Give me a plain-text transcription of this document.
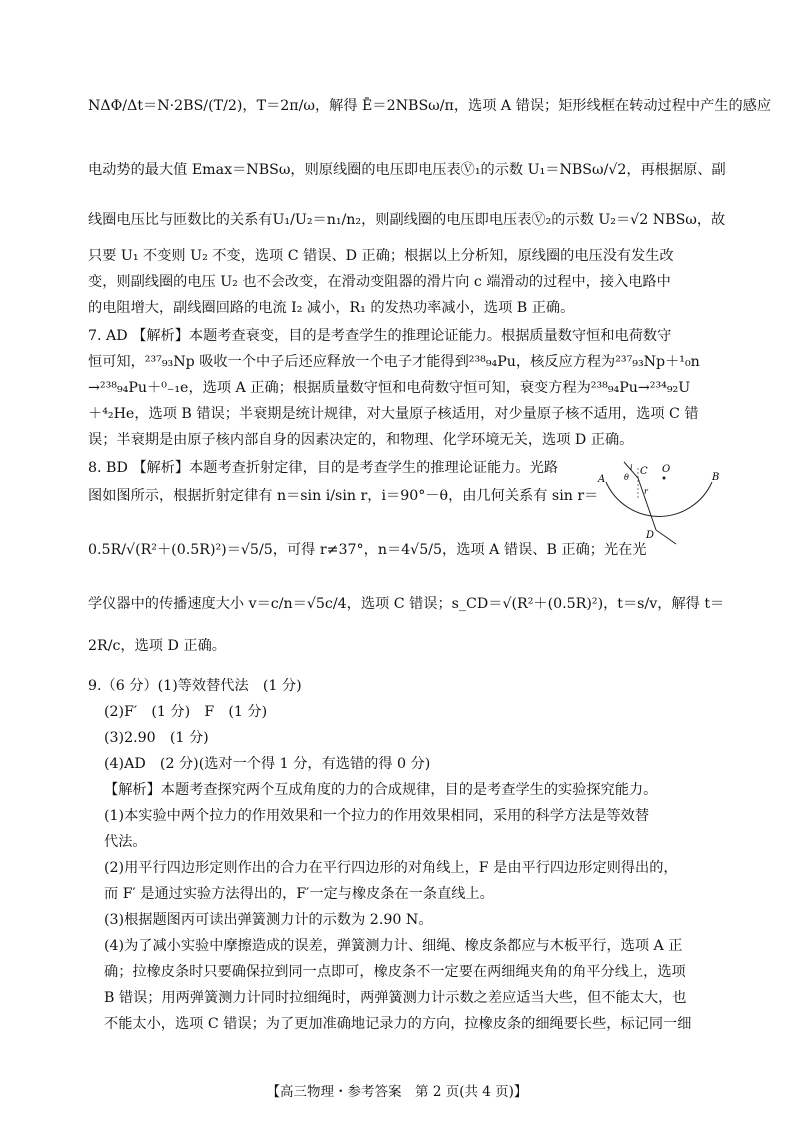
NΔΦ/Δt＝N·2BS/(T/2)，T＝2π/ω，解得 Ē＝2NBSω/π，选项 A 错误；矩形线框在转动过程中产生的感应
电动势的最大值 Emax＝NBSω，则原线圈的电压即电压表Ⓥ₁的示数 U₁＝NBSω/√2，再根据原、副
线圈电压比与匝数比的关系有U₁/U₂＝n₁/n₂，则副线圈的电压即电压表Ⓥ₂的示数 U₂＝√2 NBSω，故
只要 U₁ 不变则 U₂ 不变，选项 C 错误、D 正确；根据以上分析知，原线圈的电压没有发生改
变，则副线圈的电压 U₂ 也不会改变，在滑动变阻器的滑片向 c 端滑动的过程中，接入电路中
的电阻增大，副线圈回路的电流 I₂ 减小，R₁ 的发热功率减小，选项 B 正确。
7. AD 【解析】本题考查衰变，目的是考查学生的推理论证能力。根据质量数守恒和电荷数守
恒可知，²³⁷₉₃Np 吸收一个中子后还应释放一个电子才能得到²³⁸₉₄Pu，核反应方程为²³⁷₉₃Np＋¹₀n
→²³⁸₉₄Pu＋⁰₋₁e，选项 A 正确；根据质量数守恒和电荷数守恒可知，衰变方程为²³⁸₉₄Pu→²³⁴₉₂U
＋⁴₂He，选项 B 错误；半衰期是统计规律，对大量原子核适用，对少量原子核不适用，选项 C 错
误；半衰期是由原子核内部自身的因素决定的，和物理、化学环境无关，选项 D 正确。
8. BD 【解析】本题考查折射定律，目的是考查学生的推理论证能力。光路
图如图所示，根据折射定律有 n＝sin i/sin r，i＝90°－θ，由几何关系有 sin r＝
0.5R/√(R²＋(0.5R)²)＝√5/5，可得 r≠37°，n＝4√5/5，选项 A 错误、B 正确；光在光
学仪器中的传播速度大小 v＝c/n＝√5c/4，选项 C 错误；s_CD＝√(R²＋(0.5R)²)，t＝s/v，解得 t＝
2R/c，选项 D 正确。
9.（6 分）(1)等效替代法　(1 分)
(2)F′　(1 分)　F　(1 分)
(3)2.90　(1 分)
(4)AD　(2 分)(选对一个得 1 分，有选错的得 0 分)
【解析】本题考查探究两个互成角度的力的合成规律，目的是考查学生的实验探究能力。
(1)本实验中两个拉力的作用效果和一个拉力的作用效果相同，采用的科学方法是等效替
代法。
(2)用平行四边形定则作出的合力在平行四边形的对角线上，F 是由平行四边形定则得出的，
而 F′ 是通过实验方法得出的，F′一定与橡皮条在一条直线上。
(3)根据题图丙可读出弹簧测力计的示数为 2.90 N。
(4)为了减小实验中摩擦造成的误差，弹簧测力计、细绳、橡皮条都应与木板平行，选项 A 正
确；拉橡皮条时只要确保拉到同一点即可，橡皮条不一定要在两细绳夹角的角平分线上，选项
B 错误；用两弹簧测力计同时拉细绳时，两弹簧测力计示数之差应适当大些，但不能太大，也
不能太小，选项 C 错误；为了更加准确地记录力的方向，拉橡皮条的细绳要长些，标记同一细
A	B
C O
D
i
θ
r
【高三物理・参考答案　第 2 页(共 4 页)】
